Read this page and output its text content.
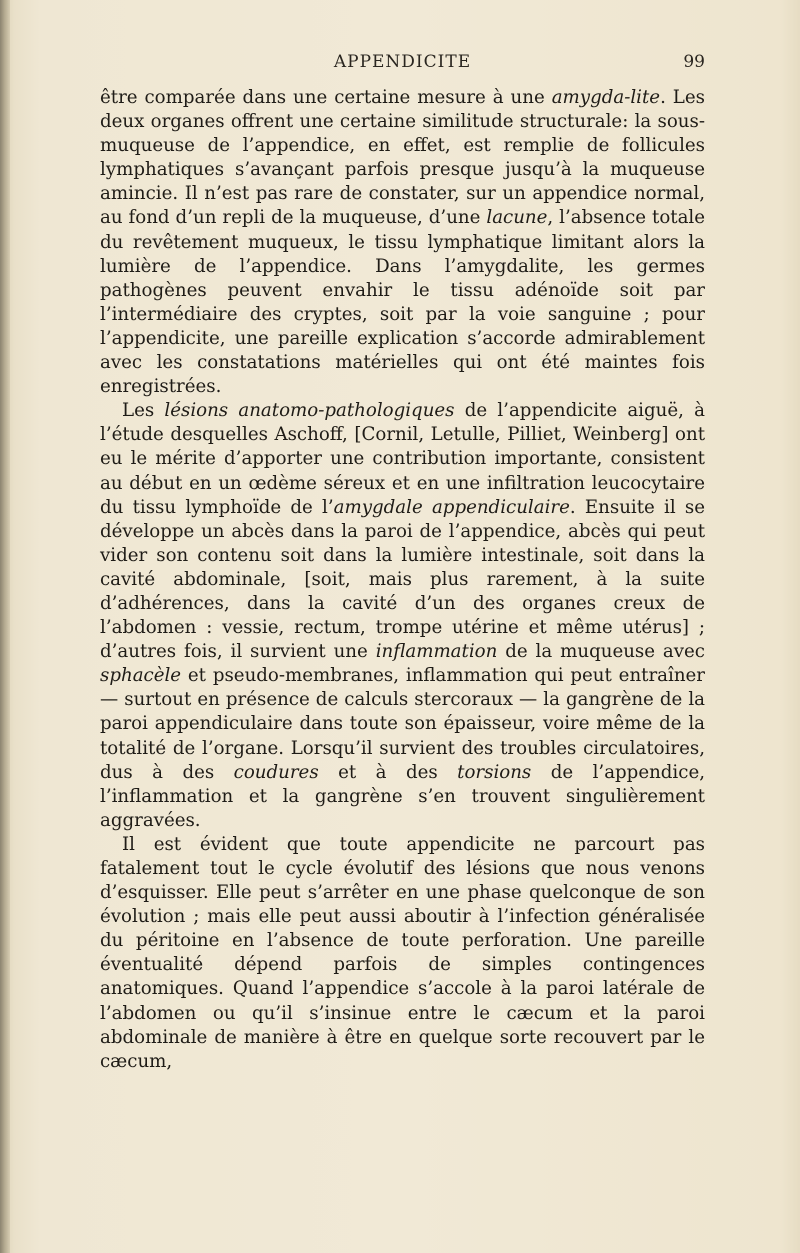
APPENDICITE	99

être comparée dans une certaine mesure à une amygda-lite. Les deux organes offrent une certaine similitude structurale: la sous-muqueuse de l’appendice, en effet, est remplie de follicules lymphatiques s’avançant parfois presque jusqu’à la muqueuse amincie. Il n’est pas rare de constater, sur un appendice normal, au fond d’un repli de la muqueuse, d’une lacune, l’absence totale du revêtement muqueux, le tissu lymphatique limitant alors la lumière de l’appendice. Dans l’amygdalite, les germes pathogènes peuvent envahir le tissu adénoïde soit par l’intermédiaire des cryptes, soit par la voie sanguine ; pour l’appendicite, une pareille explication s’accorde admirablement avec les constatations matérielles qui ont été maintes fois enregistrées.

Les lésions anatomo-pathologiques de l’appendicite aiguë, à l’étude desquelles Aschoff, [Cornil, Letulle, Pilliet, Weinberg] ont eu le mérite d’apporter une contribution importante, consistent au début en un œdème séreux et en une infiltration leucocytaire du tissu lymphoïde de l’amygdale appendiculaire. Ensuite il se développe un abcès dans la paroi de l’appendice, abcès qui peut vider son contenu soit dans la lumière intestinale, soit dans la cavité abdominale, [soit, mais plus rarement, à la suite d’adhérences, dans la cavité d’un des organes creux de l’abdomen : vessie, rectum, trompe utérine et même utérus] ; d’autres fois, il survient une inflammation de la muqueuse avec sphacèle et pseudo-membranes, inflammation qui peut entraîner — surtout en présence de calculs stercoraux — la gangrène de la paroi appendiculaire dans toute son épaisseur, voire même de la totalité de l’organe. Lorsqu’il survient des troubles circulatoires, dus à des coudures et à des torsions de l’appendice, l’inflammation et la gangrène s’en trouvent singulièrement aggravées.

Il est évident que toute appendicite ne parcourt pas fatalement tout le cycle évolutif des lésions que nous venons d’esquisser. Elle peut s’arrêter en une phase quelconque de son évolution ; mais elle peut aussi aboutir à l’infection généralisée du péritoine en l’absence de toute perforation. Une pareille éventualité dépend parfois de simples contingences anatomiques. Quand l’appendice s’accole à la paroi latérale de l’abdomen ou qu’il s’insinue entre le cæcum et la paroi abdominale de manière à être en quelque sorte recouvert par le cæcum,
